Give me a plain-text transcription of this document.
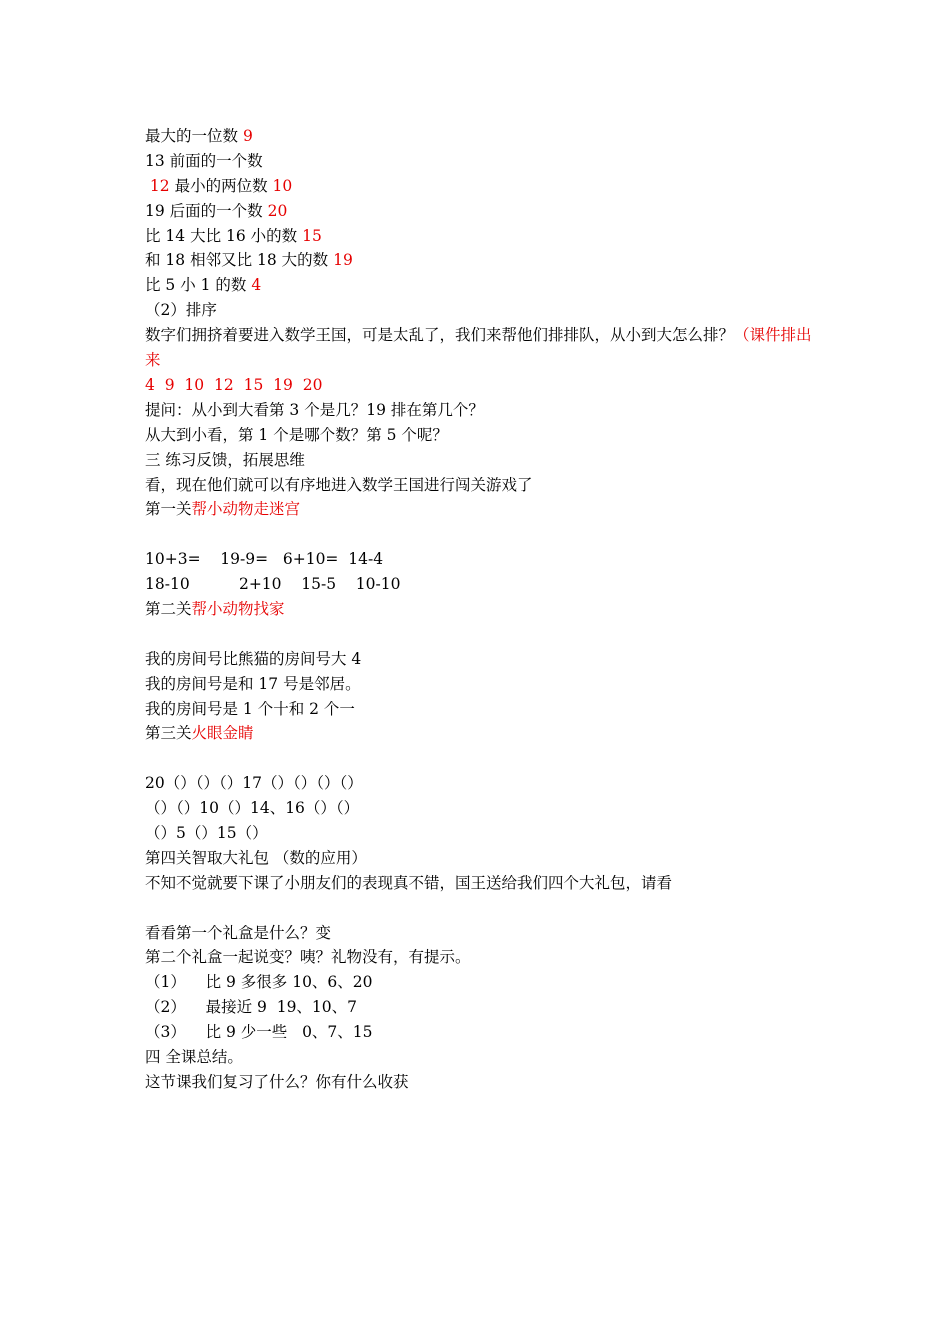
最大的一位数 9
13 前面的一个数
12 最小的两位数 10
19 后面的一个数 20
比 14 大比 16 小的数 15
和 18 相邻又比 18 大的数 19
比 5 小 1 的数 4
（2）排序
数字们拥挤着要进入数学王国，可是太乱了，我们来帮他们排排队，从小到大怎么排？（课件排出来
4  9  10  12  15  19  20
提问：从小到大看第 3 个是几？19 排在第几个？
从大到小看，第 1 个是哪个数？第 5 个呢？
三 练习反馈，拓展思维
看，现在他们就可以有序地进入数学王国进行闯关游戏了
第一关帮小动物走迷宫
10+3=    19-9=   6+10=  14-4
18-10          2+10    15-5    10-10
第二关帮小动物找家
我的房间号比熊猫的房间号大 4
我的房间号是和 17 号是邻居。
我的房间号是 1 个十和 2 个一
第三关火眼金睛
20（）（）（）17（）（）（）（）
（）（）10（）14、16（）（）
（）5（）15（）
第四关智取大礼包 （数的应用）
不知不觉就要下课了小朋友们的表现真不错，国王送给我们四个大礼包，请看
看看第一个礼盒是什么？变
第二个礼盒一起说变？咦？礼物没有，有提示。
（1）    比 9 多很多 10、6、20
（2）    最接近 9  19、10、7
（3）    比 9 少一些   0、7、15
四 全课总结。
这节课我们复习了什么？你有什么收获
